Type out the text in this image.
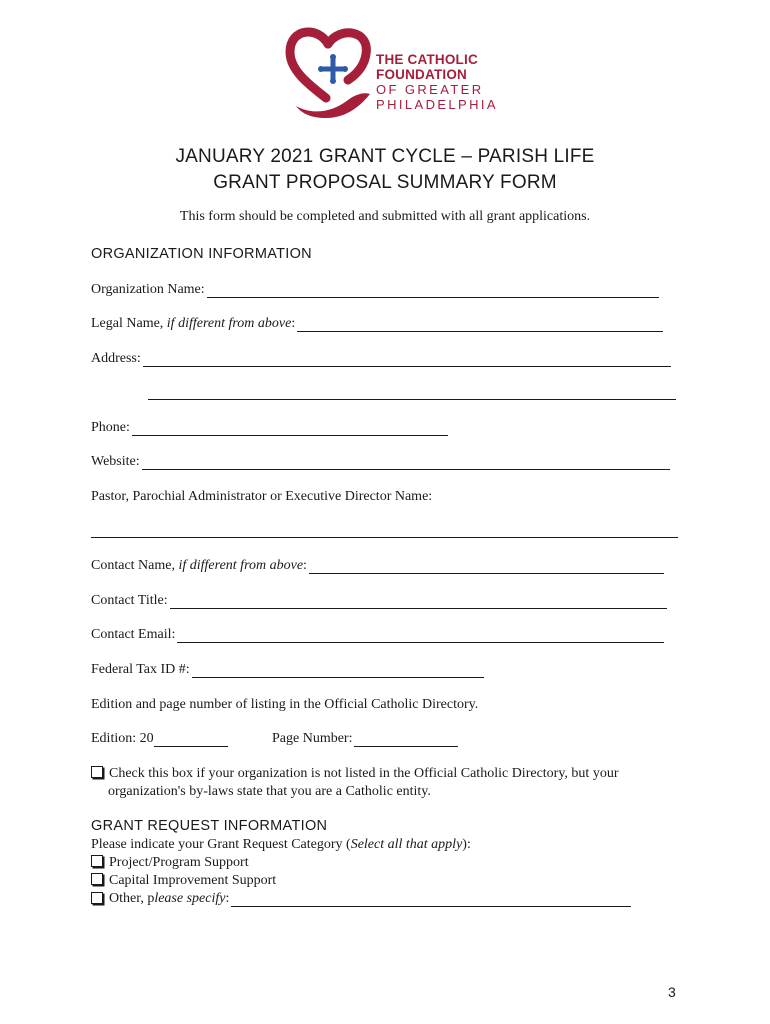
THE CATHOLIC
FOUNDATION
OF GREATER
PHILADELPHIA
JANUARY 2021 GRANT CYCLE – PARISH LIFE
GRANT PROPOSAL SUMMARY FORM
This form should be completed and submitted with all grant applications.
ORGANIZATION INFORMATION
Organization Name:
Legal Name,
if different from above :
Address:
Phone:
Website:
Pastor, Parochial Administrator or Executive Director Name:
Contact Name,
if different from above :
Contact Title:
Contact Email:
Federal Tax ID #:
Edition and page number of listing in the Official Catholic Directory.
Edition: 20	Page Number:
Check this box if your organization is not listed in the Official Catholic Directory, but your
organization's by-laws state that you are a Catholic entity.
GRANT REQUEST INFORMATION
Please indicate your Grant Request Category (Select all that apply):
Project/Program Support
Capital Improvement Support
Other, p lease specify :
3
